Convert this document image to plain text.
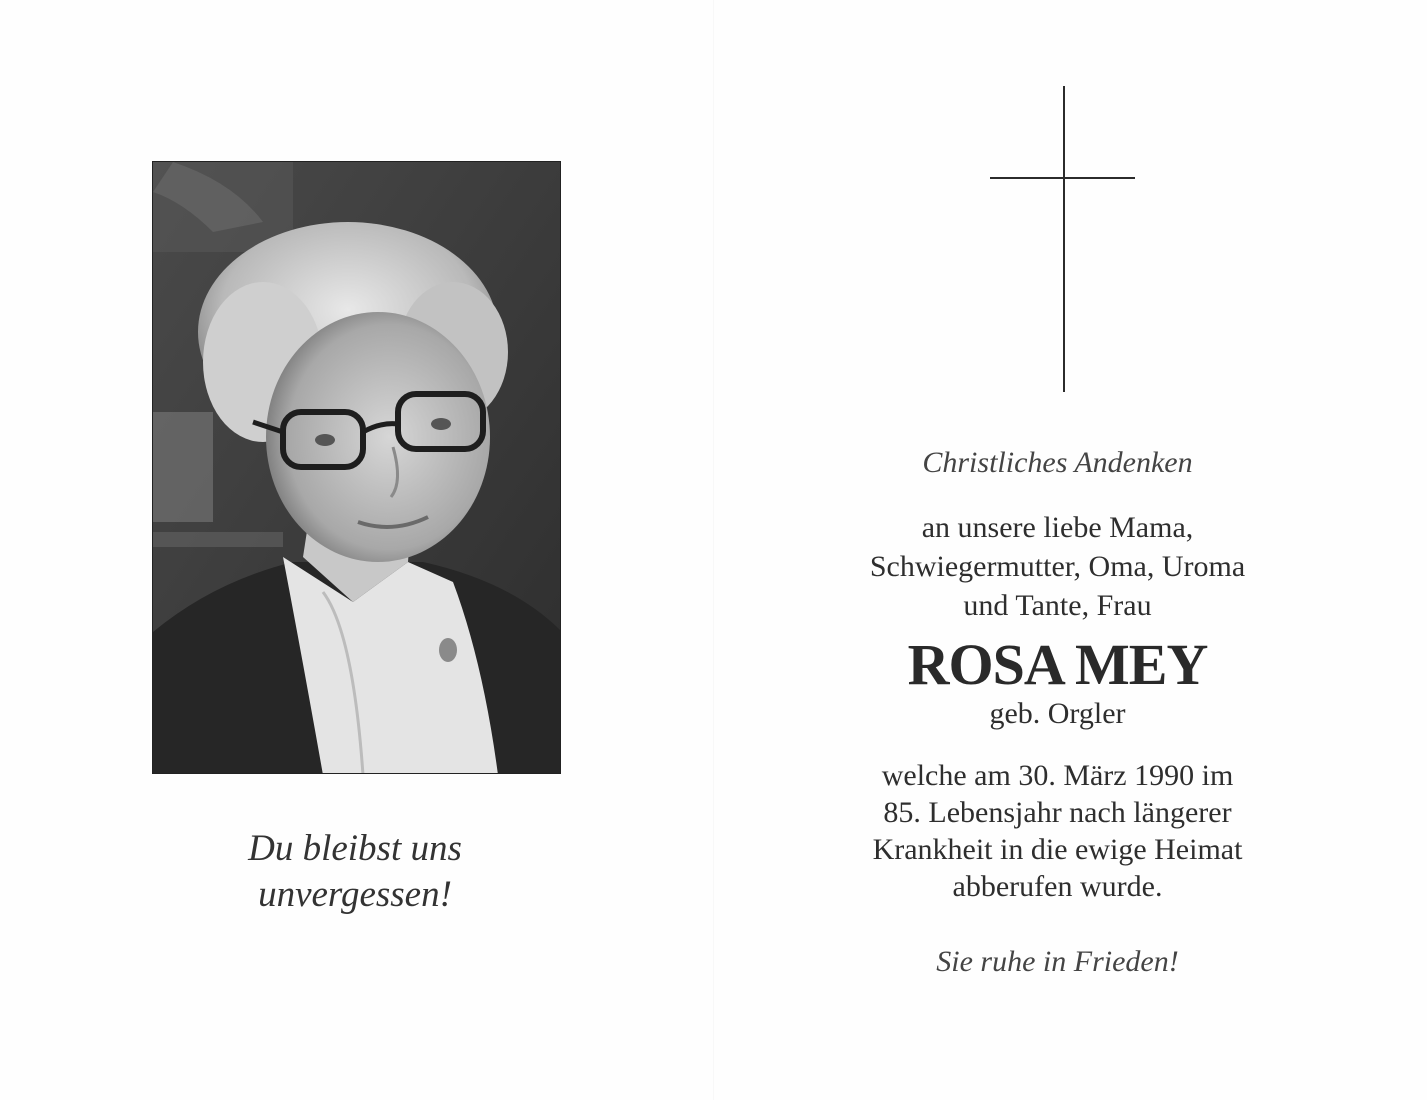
Du bleibst uns
unvergessen!
Christliches Andenken
an unsere liebe Mama,
Schwiegermutter, Oma, Uroma
und Tante, Frau
ROSA MEY
geb. Orgler
welche am 30. März 1990 im
85. Lebensjahr nach längerer
Krankheit in die ewige Heimat
abberufen wurde.
Sie ruhe in Frieden!
